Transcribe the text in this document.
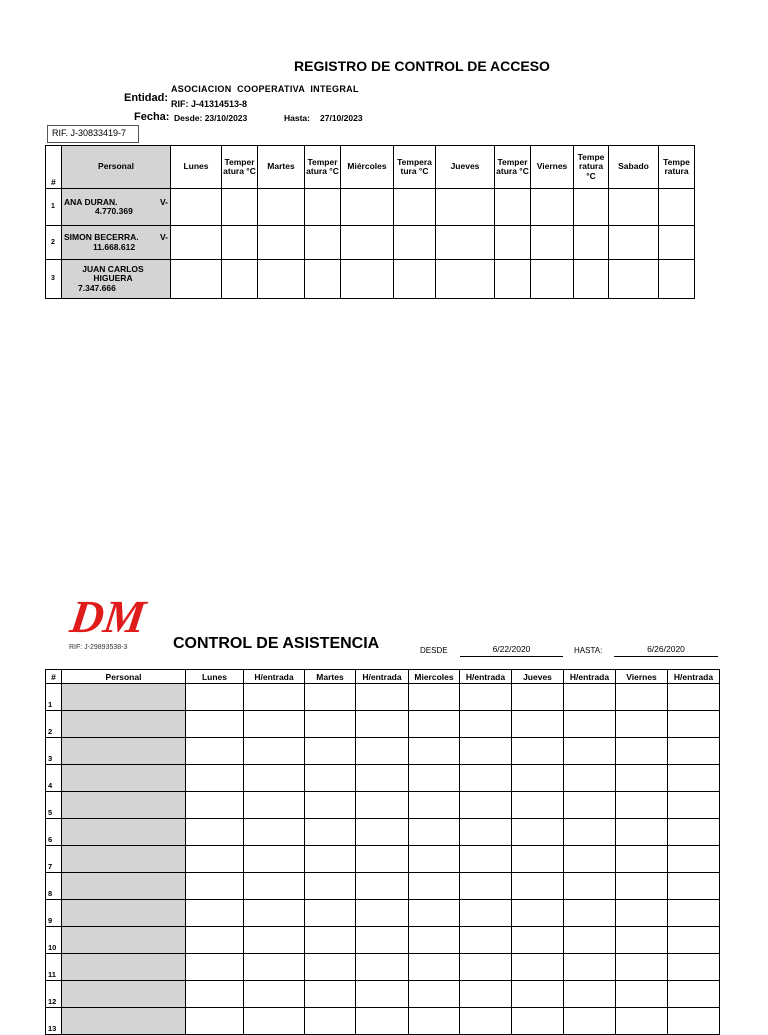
REGISTRO DE CONTROL DE ACCESO
Entidad:
ASOCIACION  COOPERATIVA  INTEGRAL
RIF: J-41314513-8
Fecha: Desde: 23/10/2023	Hasta: 27/10/2023
RIF. J-30833419-7
#	Personal	Lunes	Temper atura °C	Martes	Temper atura °C	Miércoles	Tempera tura °C	Jueves	Temper atura °C	Viernes	Tempe ratura °C	Sabado	Tempe ratura
1	ANA DURAN. V-
4.770.369												

2	SIMON BECERRA. V-
11.668.612												

3	JUAN CARLOS HIGUERA
7.347.666												

DM
RIF: J-29893538-3	CONTROL DE ASISTENCIA	DESDE	6/22/2020	HASTA:	6/26/2020
#	Personal	Lunes	H/entrada	Martes	H/entrada	Miercoles	H/entrada	Jueves	H/entrada	Viernes	H/entrada
1											
2											
3											
4											
5											
6											
7											
8											
9											
10											
11											
12											
13											
